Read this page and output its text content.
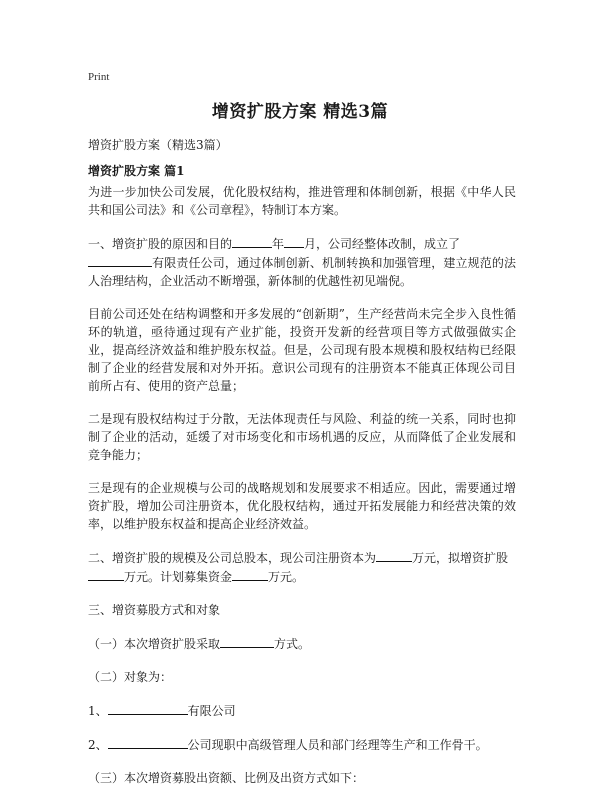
Print
增资扩股方案 精选3篇
增资扩股方案（精选3篇）
增资扩股方案 篇1

为进一步加快公司发展，优化股权结构，推进管理和体制创新，根据《中华人民共和国公司法》和《公司章程》，特制订本方案。

一、增资扩股的原因和目的	年 月，公司经整体改制，成立了
有限责任公司，通过体制创新、机制转换和加强管理，建立规范的法人治理结构，企业活动不断增强，新体制的优越性初见端倪。

目前公司还处在结构调整和开多发展的“创新期”，生产经营尚未完全步入良性循环的轨道，亟待通过现有产业扩能，投资开发新的经营项目等方式做强做实企业，提高经济效益和维护股东权益。但是，公司现有股本规模和股权结构已经限制了企业的经营发展和对外开拓。意识公司现有的注册资本不能真正体现公司目前所占有、使用的资产总量；

二是现有股权结构过于分散，无法体现责任与风险、利益的统一关系，同时也抑制了企业的活动，延缓了对市场变化和市场机遇的反应，从而降低了企业发展和竞争能力；

三是现有的企业规模与公司的战略规划和发展要求不相适应。因此，需要通过增资扩股，增加公司注册资本，优化股权结构，通过开拓发展能力和经营决策的效率，以维护股东权益和提高企业经济效益。

二、增资扩股的规模及公司总股本，现公司注册资本为	万元，拟增资扩股
万元。计划募集资金	万元。

三、增资募股方式和对象

（一）本次增资扩股采取	方式。

（二）对象为：

1、	有限公司

2、	公司现职中高级管理人员和部门经理等生产和工作骨干。

（三）本次增资募股出资额、比例及出资方式如下：
